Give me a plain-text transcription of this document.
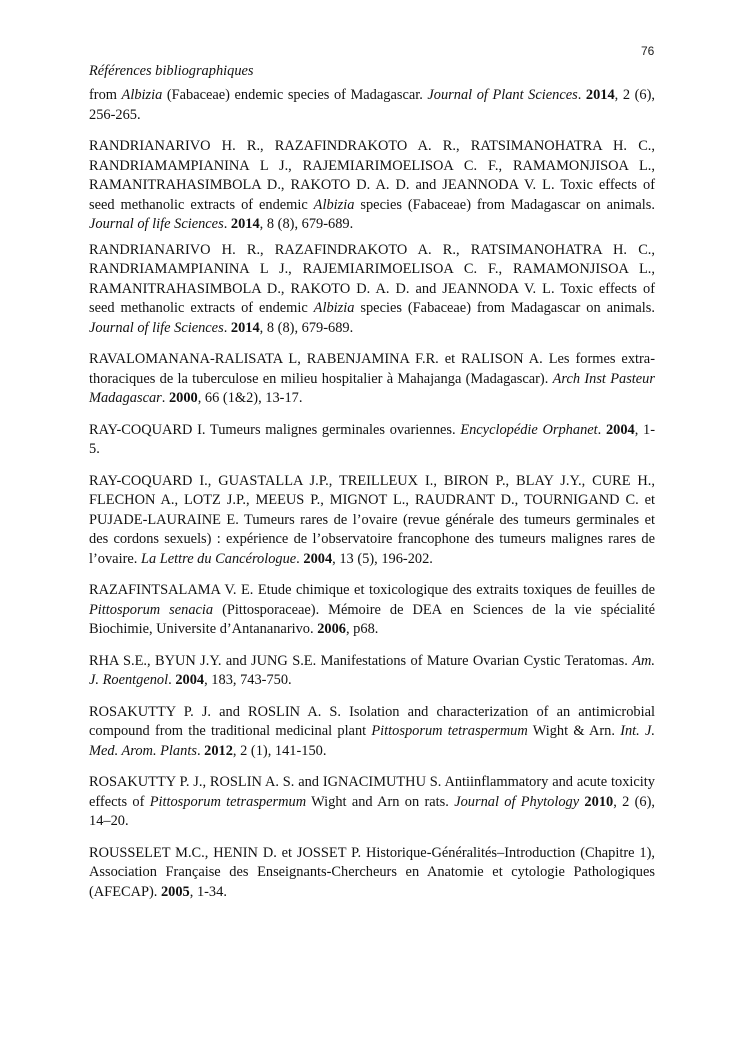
76
Références bibliographiques

from Albizia (Fabaceae) endemic species of Madagascar. Journal of Plant Sciences. 2014, 2 (6), 256-265.

RANDRIANARIVO H. R., RAZAFINDRAKOTO A. R., RATSIMANOHATRA H. C., RANDRIAMAMPIANINA L J., RAJEMIARIMOELISOA C. F., RAMAMONJISOA L., RAMANITRAHASIMBOLA D., RAKOTO D. A. D. and JEANNODA V. L. Toxic effects of seed methanolic extracts of endemic Albizia species (Fabaceae) from Madagascar on animals. Journal of life Sciences. 2014, 8 (8), 679-689.

RANDRIANARIVO H. R., RAZAFINDRAKOTO A. R., RATSIMANOHATRA H. C., RANDRIAMAMPIANINA L J., RAJEMIARIMOELISOA C. F., RAMAMONJISOA L., RAMANITRAHASIMBOLA D., RAKOTO D. A. D. and JEANNODA V. L. Toxic effects of seed methanolic extracts of endemic Albizia species (Fabaceae) from Madagascar on animals. Journal of life Sciences. 2014, 8 (8), 679-689.

RAVALOMANANA-RALISATA L, RABENJAMINA F.R. et RALISON A. Les formes extra-thoraciques de la tuberculose en milieu hospitalier à Mahajanga (Madagascar). Arch Inst Pasteur Madagascar. 2000, 66 (1&2), 13-17.

RAY-COQUARD I. Tumeurs malignes germinales ovariennes. Encyclopédie Orphanet. 2004, 1-5.

RAY-COQUARD I., GUASTALLA J.P., TREILLEUX I., BIRON P., BLAY J.Y., CURE H., FLECHON A., LOTZ J.P., MEEUS P., MIGNOT L., RAUDRANT D., TOURNIGAND C. et PUJADE-LAURAINE E. Tumeurs rares de l’ovaire (revue générale des tumeurs germinales et des cordons sexuels) : expérience de l’observatoire francophone des tumeurs malignes rares de l’ovaire. La Lettre du Cancérologue. 2004, 13 (5), 196-202.

RAZAFINTSALAMA V. E. Etude chimique et toxicologique des extraits toxiques de feuilles de Pittosporum senacia (Pittosporaceae). Mémoire de DEA en Sciences de la vie spécialité Biochimie, Universite d’Antananarivo. 2006, p68.

RHA S.E., BYUN J.Y. and JUNG S.E. Manifestations of Mature Ovarian Cystic Teratomas. Am. J. Roentgenol. 2004, 183, 743-750.

ROSAKUTTY P. J. and ROSLIN A. S. Isolation and characterization of an antimicrobial compound from the traditional medicinal plant Pittosporum tetraspermum Wight & Arn. Int. J. Med. Arom. Plants. 2012, 2 (1), 141-150.

ROSAKUTTY P. J., ROSLIN A. S. and IGNACIMUTHU S. Antiinflammatory and acute toxicity effects of Pittosporum tetraspermum Wight and Arn on rats. Journal of Phytology 2010, 2 (6), 14–20.

ROUSSELET M.C., HENIN D. et JOSSET P. Historique-Généralités–Introduction (Chapitre 1), Association Française des Enseignants-Chercheurs en Anatomie et cytologie Pathologiques (AFECAP). 2005, 1-34.
